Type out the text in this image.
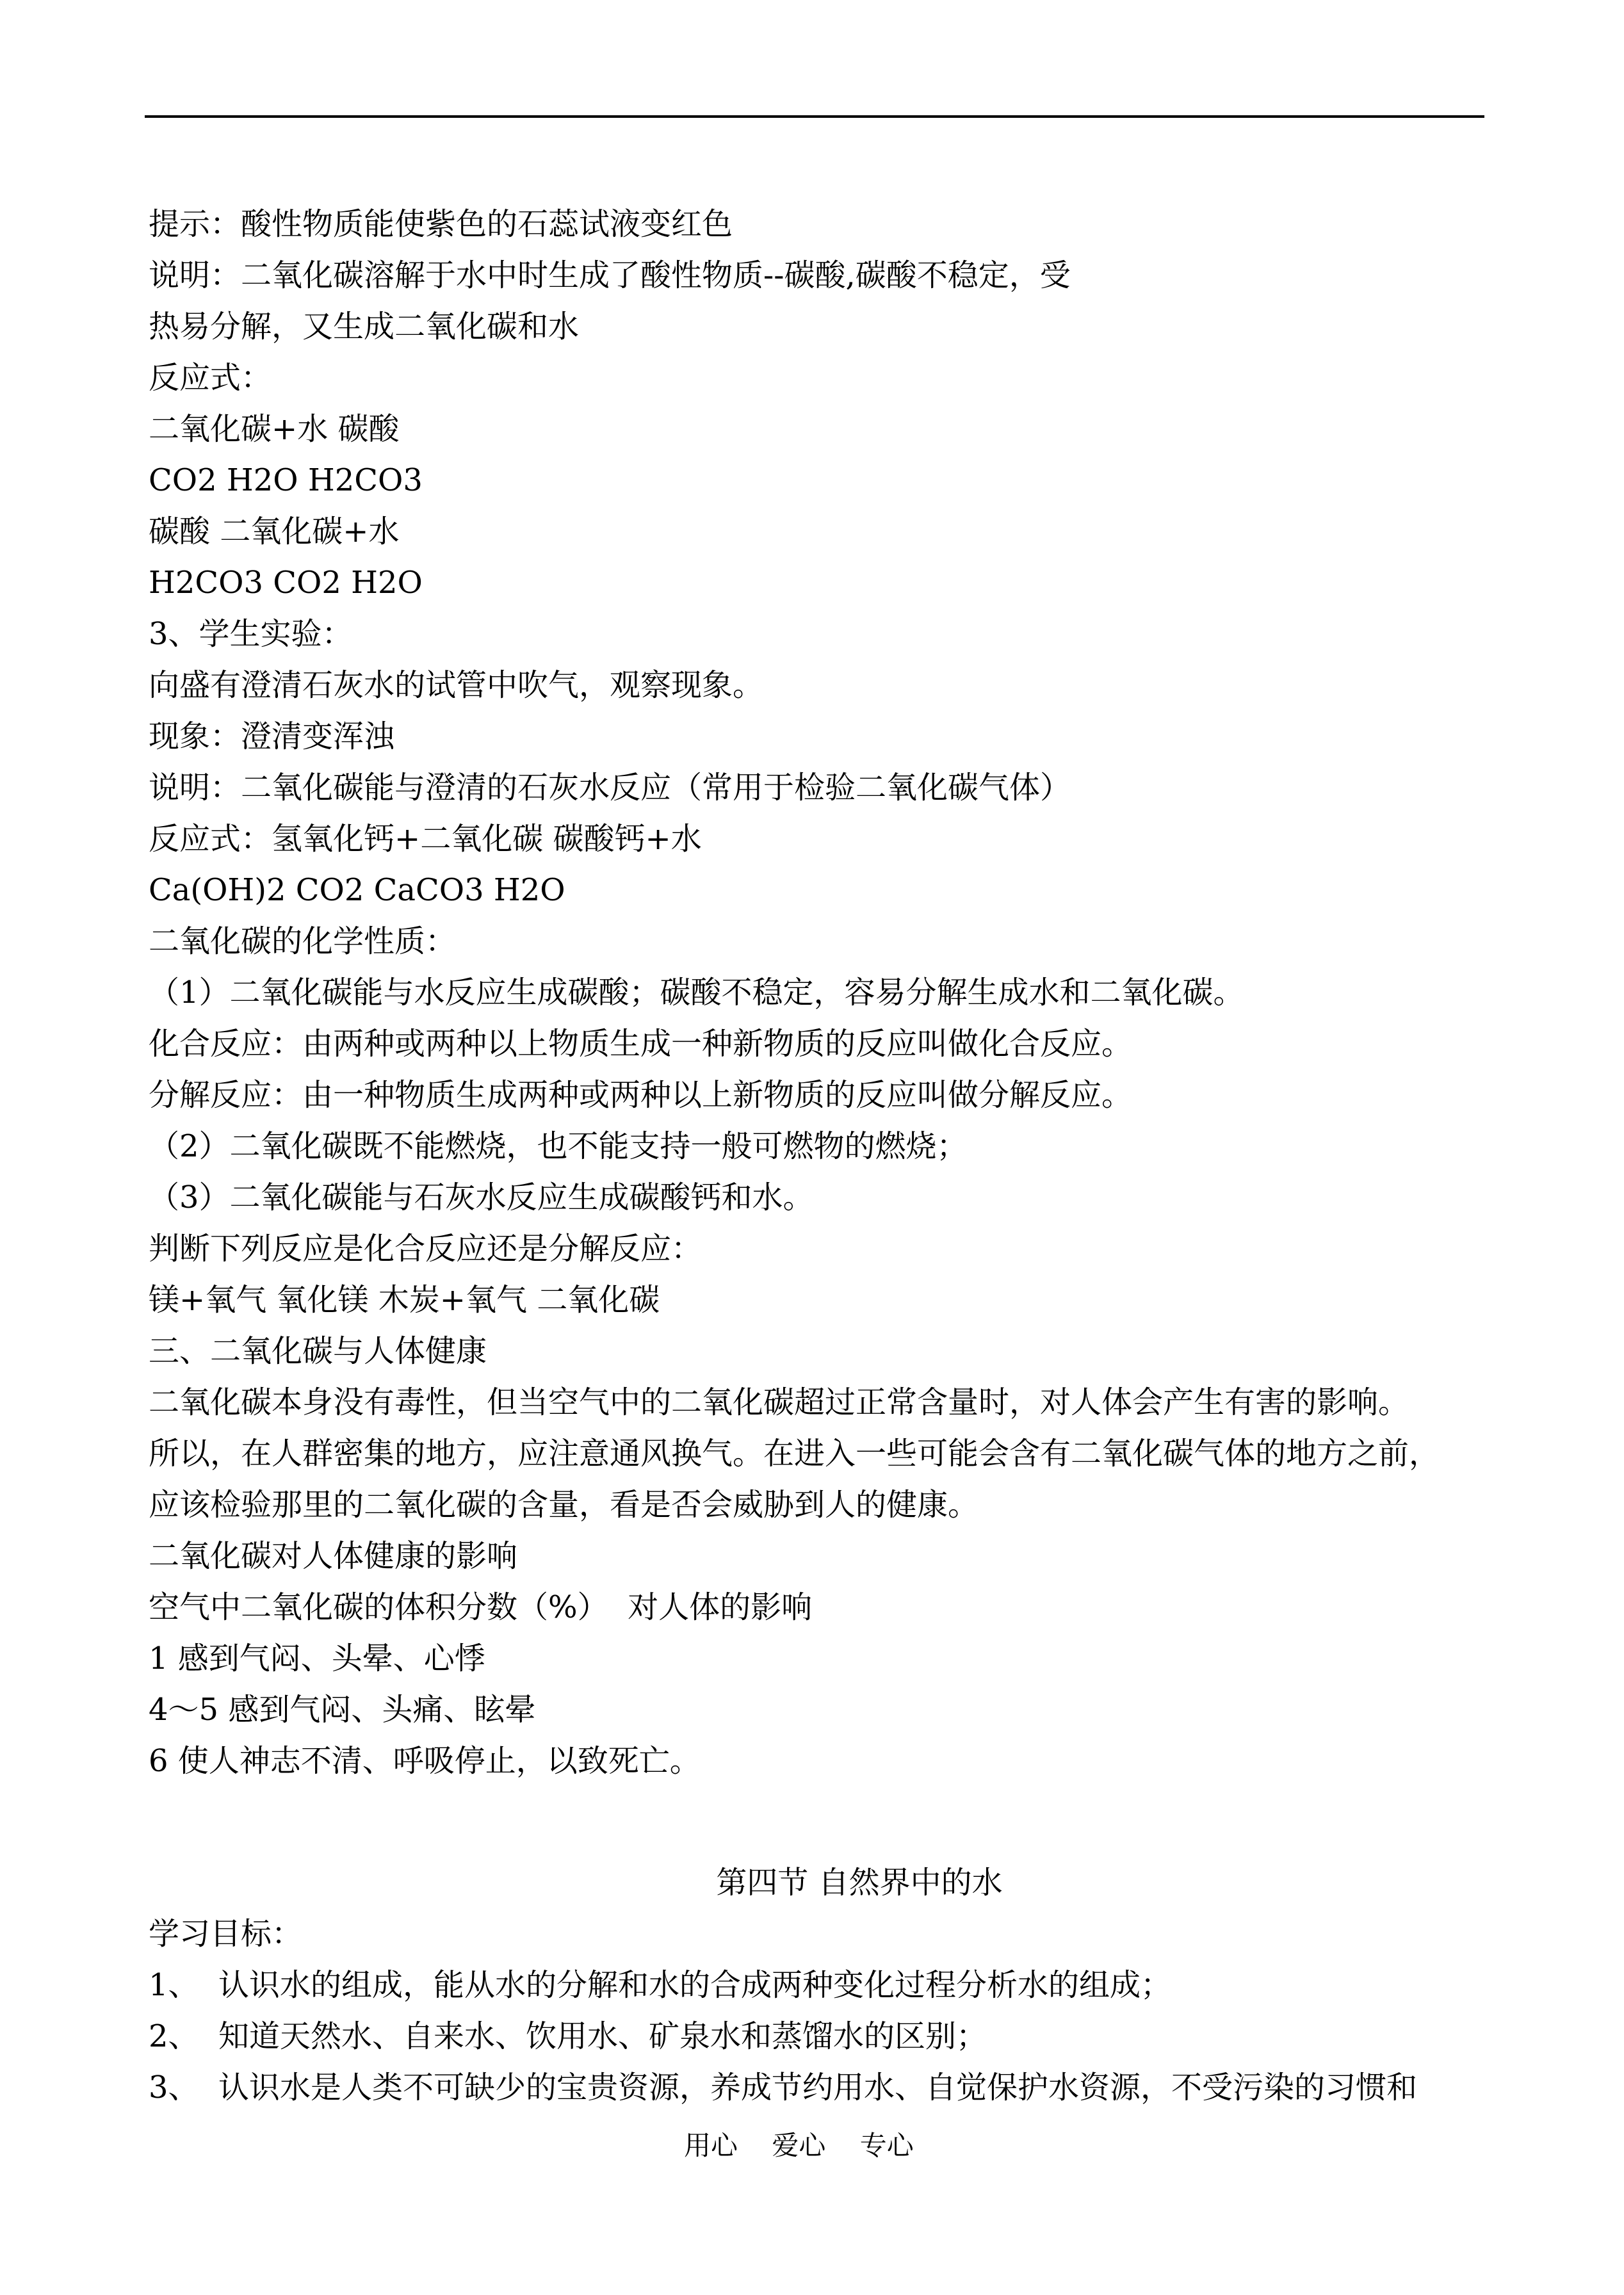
提示：酸性物质能使紫色的石蕊试液变红色
说明：二氧化碳溶解于水中时生成了酸性物质--碳酸,碳酸不稳定，受
热易分解，又生成二氧化碳和水
反应式：
二氧化碳+水 碳酸
CO2 H2O H2CO3
碳酸 二氧化碳+水
H2CO3 CO2 H2O
3、学生实验：
向盛有澄清石灰水的试管中吹气，观察现象。
现象：澄清变浑浊
说明：二氧化碳能与澄清的石灰水反应（常用于检验二氧化碳气体）
反应式：氢氧化钙+二氧化碳 碳酸钙+水
Ca(OH)2 CO2 CaCO3 H2O
二氧化碳的化学性质：
（1）二氧化碳能与水反应生成碳酸；碳酸不稳定，容易分解生成水和二氧化碳。
化合反应：由两种或两种以上物质生成一种新物质的反应叫做化合反应。
分解反应：由一种物质生成两种或两种以上新物质的反应叫做分解反应。
（2）二氧化碳既不能燃烧，也不能支持一般可燃物的燃烧；
（3）二氧化碳能与石灰水反应生成碳酸钙和水。
判断下列反应是化合反应还是分解反应：
镁+氧气 氧化镁 木炭+氧气 二氧化碳
三、二氧化碳与人体健康
二氧化碳本身没有毒性，但当空气中的二氧化碳超过正常含量时，对人体会产生有害的影响。
所以，在人群密集的地方，应注意通风换气。在进入一些可能会含有二氧化碳气体的地方之前，
应该检验那里的二氧化碳的含量，看是否会威胁到人的健康。
二氧化碳对人体健康的影响
空气中二氧化碳的体积分数（%）  对人体的影响
1 感到气闷、头晕、心悸
4～5 感到气闷、头痛、眩晕
6 使人神志不清、呼吸停止，以致死亡。
第四节 自然界中的水
学习目标：
1、  认识水的组成，能从水的分解和水的合成两种变化过程分析水的组成；
2、  知道天然水、自来水、饮用水、矿泉水和蒸馏水的区别；
3、  认识水是人类不可缺少的宝贵资源，养成节约用水、自觉保护水资源，不受污染的习惯和
用心    爱心    专心
